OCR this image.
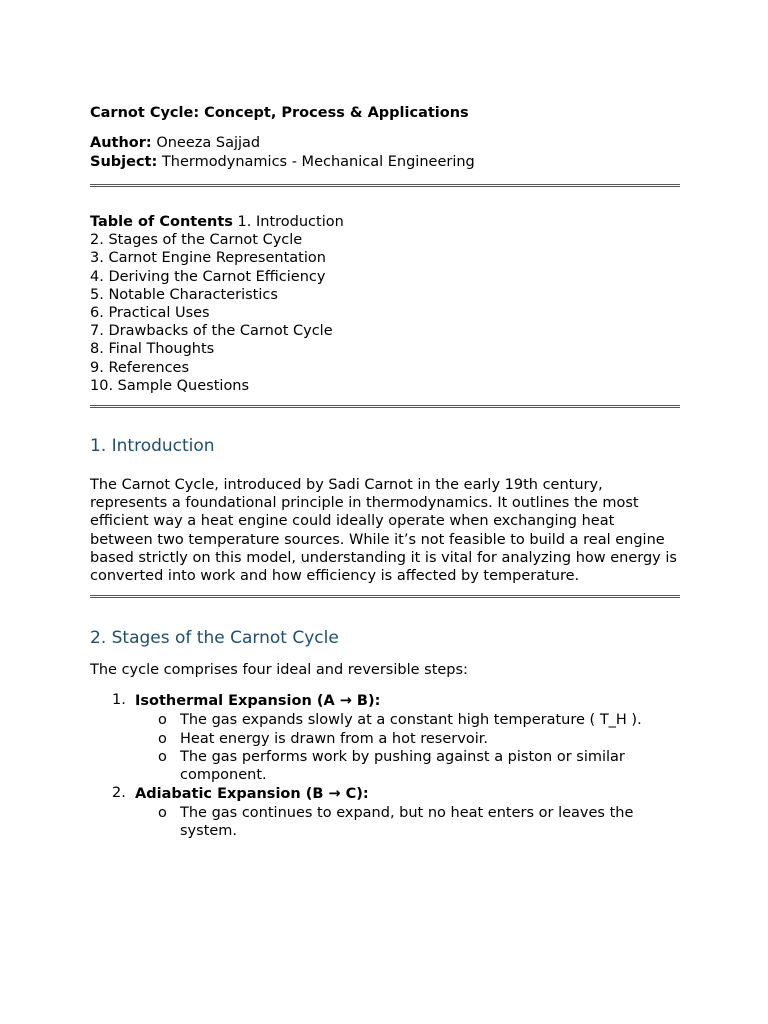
Carnot Cycle: Concept, Process & Applications

Author: Oneeza Sajjad

Subject: Thermodynamics - Mechanical Engineering

Table of Contents 1. Introduction

2. Stages of the Carnot Cycle

3. Carnot Engine Representation

4. Deriving the Carnot Efficiency

5. Notable Characteristics

6. Practical Uses

7. Drawbacks of the Carnot Cycle

8. Final Thoughts

9. References

10. Sample Questions

1. Introduction

The Carnot Cycle, introduced by Sadi Carnot in the early 19th century, represents a foundational principle in thermodynamics. It outlines the most efficient way a heat engine could ideally operate when exchanging heat between two temperature sources. While it’s not feasible to build a real engine based strictly on this model, understanding it is vital for analyzing how energy is converted into work and how efficiency is affected by temperature.

2. Stages of the Carnot Cycle

The cycle comprises four ideal and reversible steps:

1. Isothermal Expansion (A → B):
o The gas expands slowly at a constant high temperature ( T_H ).
o Heat energy is drawn from a hot reservoir.
o The gas performs work by pushing against a piston or similar component.
2. Adiabatic Expansion (B → C):
o The gas continues to expand, but no heat enters or leaves the system.
